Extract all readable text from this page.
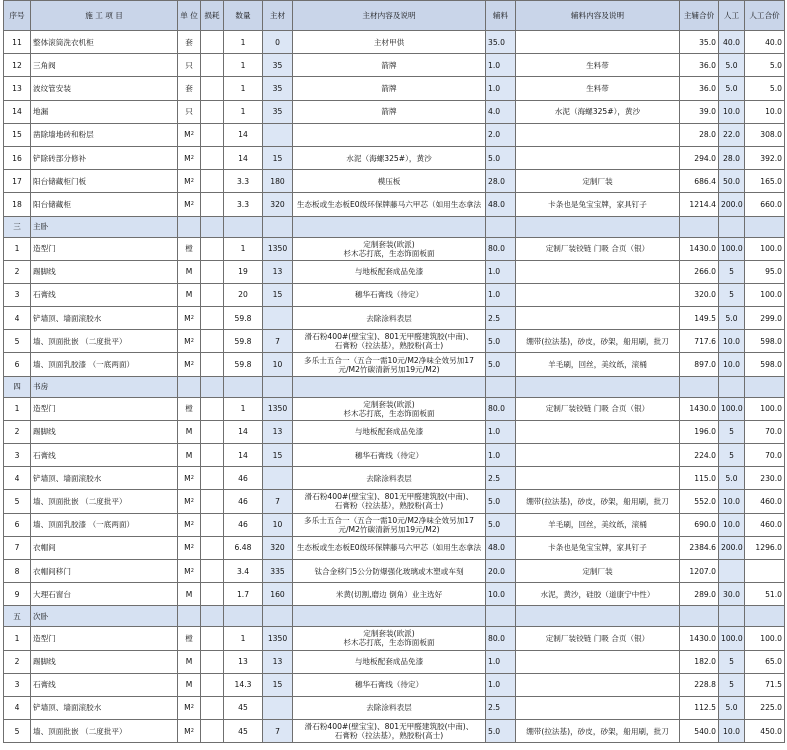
序号	施 工 项 目	单 位	损耗	数量	主材	主材内容及说明	辅料	辅料内容及说明	主辅合价	人工	人工合价
11	整体滚筒洗衣机柜	套		1	0	主材甲供	35.0		35.0	40.0	40.0
12	三角阀	只		1	35	箭牌	1.0	生料带	36.0	5.0	5.0
13	波纹管安装	套		1	35	箭牌	1.0	生料带	36.0	5.0	5.0
14	地漏	只		1	35	箭牌	4.0	水泥（海螺325#），黄沙	39.0	10.0	10.0
15	凿除墙地砖和粉层	$M^2$		14			2.0		28.0	22.0	308.0
16	铲除砖部分修补	$M^2$		14	15	水泥（海螺325#），黄沙	5.0		294.0	28.0	392.0
17	阳台储藏柜门板	$M^2$		3.3	180	模压板	28.0	定制厂装	686.4	50.0	165.0
18	阳台储藏柜	$M^2$		3.3	320	生态板或生态板E0级环保牌藤马六甲芯（如用生态拿法	48.0	卡条也是兔宝宝牌，家具钉子	1214.4	200.0	660.0
三	主卧										
1	造型门	樘		1	1350	定制套装(欧派)
杉木芯打底，生态饰面板面	80.0	定制厂装铰链 门吸 合页（银）	1430.0	100.0	100.0
2	踢脚线	M		19	13	与地板配套成品免漆	1.0		266.0	5	95.0
3	石膏线	M		20	15	穗华石膏线（待定）	1.0		320.0	5	100.0
4	铲墙顶、墙面滚胶水	$M^2$		59.8		去除涂料表层	2.5		149.5	5.0	299.0
5	墙、顶面批嵌 （二度批平）	$M^2$		59.8	7	滑石粉400#(壁宝宝)、801无甲醛建筑胶(中南)、
石膏粉（拉法基），熟胶粉(高士)	5.0	绷带(拉法基)，砂皮，砂架，船用刷，批刀	717.6	10.0	598.0
6	墙、顶面乳胶漆 （一底两面）	$M^2$		59.8	10	多乐士五合一（五合一需10元/M2净味全效另加17
元/M2竹碳清新另加19元/M2)	5.0	羊毛刷，回丝，美纹纸，滚桶	897.0	10.0	598.0
四	书房										
1	造型门	樘		1	1350	定制套装(欧派)
杉木芯打底，生态饰面板面	80.0	定制厂装铰链 门吸 合页（银）	1430.0	100.0	100.0
2	踢脚线	M		14	13	与地板配套成品免漆	1.0		196.0	5	70.0
3	石膏线	M		14	15	穗华石膏线（待定）	1.0		224.0	5	70.0
4	铲墙顶、墙面滚胶水	$M^2$		46		去除涂料表层	2.5		115.0	5.0	230.0
5	墙、顶面批嵌 （二度批平）	$M^2$		46	7	滑石粉400#(壁宝宝)、801无甲醛建筑胶(中南)、
石膏粉（拉法基），熟胶粉(高士)	5.0	绷带(拉法基)，砂皮，砂架，船用刷，批刀	552.0	10.0	460.0
6	墙、顶面乳胶漆 （一底两面）	$M^2$		46	10	多乐士五合一（五合一需10元/M2净味全效另加17
元/M2竹碳清新另加19元/M2)	5.0	羊毛刷，回丝，美纹纸，滚桶	690.0	10.0	460.0
7	衣帽间	$M^2$		6.48	320	生态板或生态板E0级环保牌藤马六甲芯（如用生态拿法	48.0	卡条也是兔宝宝牌，家具钉子	2384.6	200.0	1296.0
8	衣帽间移门	$M^2$		3.4	335	钛合金移门5公分防爆强化玻璃或木塑或车刻	20.0	定制厂装	1207.0		
9	大理石窗台	M		1.7	160	米黄(切割,磨边 倒角）业主选好	10.0	水泥，黄沙，硅胶（道康宁中性）	289.0	30.0	51.0
五	次卧										
1	造型门	樘		1	1350	定制套装(欧派)
杉木芯打底，生态饰面板面	80.0	定制厂装铰链 门吸 合页（银）	1430.0	100.0	100.0
2	踢脚线	M		13	13	与地板配套成品免漆	1.0		182.0	5	65.0
3	石膏线	M		14.3	15	穗华石膏线（待定）	1.0		228.8	5	71.5
4	铲墙顶、墙面滚胶水	$M^2$		45		去除涂料表层	2.5		112.5	5.0	225.0
5	墙、顶面批嵌 （二度批平）	$M^2$		45	7	滑石粉400#(壁宝宝)、801无甲醛建筑胶(中南)、
石膏粉（拉法基），熟胶粉(高士)	5.0	绷带(拉法基)，砂皮，砂架，船用刷，批刀	540.0	10.0	450.0
